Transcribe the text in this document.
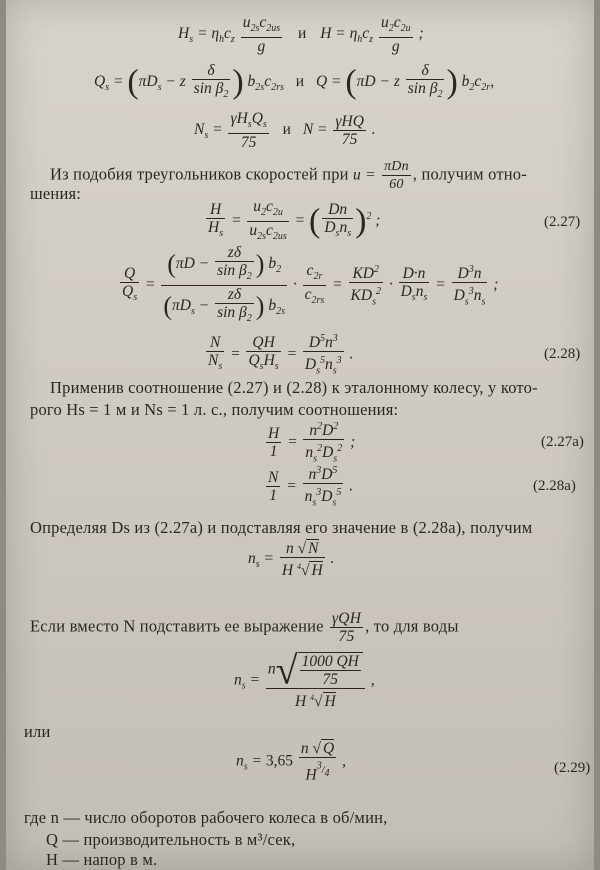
$H_s = \eta_hc_z \frac{u_{2s}c_{2us}}{g}$ и $H = \eta_hc_z \frac{u_2c_{2u}}{g}$ ;
$Q_s = (\pi D_s - z \frac{\delta}{\sin \beta_2}$ ) $b_{2s}c_{2rs}$ и Q = (πD − z $\frac{\delta}{\sin \beta_2}$ ) $b_2c_{2r}$,
$N_s = \frac{\gamma H_sQ_s}{75}$ и $N = \frac{\text{γHQ}}{75}$ .
Из подобия треугольников скоростей при $u = \frac{\text{πDn}}{60}$ , получим отно-
шения:
$\frac{H}{H_s} = \frac{u_2c_{2u}}{u_{2s}c_{2us}}$ = ( $\frac{Dn}{D_sn_s} )^2$ ;	(2.27)
$\frac{Q}{Q_s} = \frac{(\pi D - \frac{z\delta}{\sin \beta_2} ) b_2}{(\pi D_s - \frac{z\delta}{\sin \beta_2} ) b_{2s}} \cdot \frac{c_{2r}}{c_{2rs}} = \frac{KD^2}{KD_s^2} \cdot \frac{D\cdot n}{D_sn_s} = \frac{D^3n}{D_s^3n_s}$ ;
$\frac{N}{N_s} = \frac{QH}{Q_sH_s} = \frac{D^5n^3}{D_s^5n_s^3}$ .	(2.28)
Применив соотношение (2.27) и (2.28) к эталонному колесу, у кото-
рого Hs = 1 м и Ns = 1 л. с., получим соотношения:
$\frac{H}{1} = \frac{n^2D^2}{n_s^2D_s^2}$ ;	(2.27а)
$\frac{N}{1} = \frac{n^3D^5}{n_s^3D_s^5}$ .	(2.28а)
Определяя Ds из (2.27а) и подставляя его значение в (2.28а), получим
$n_s = \frac{n √ N}{H ^4√ H}$ .
Если вместо N подставить ее выражение $\frac{\text{γQH}}{75}$ , то для воды
$n_s = \frac{n√ \frac{1000 QH}{75}}{H ^4√ H}$ ,
или
$n_s = 3,65 \frac{n √ Q}{H^{^3/_4}}$ ,	(2.29)
где n — число оборотов рабочего колеса в об/мин,
Q — производительность в м³/сек,
H — напор в м.
